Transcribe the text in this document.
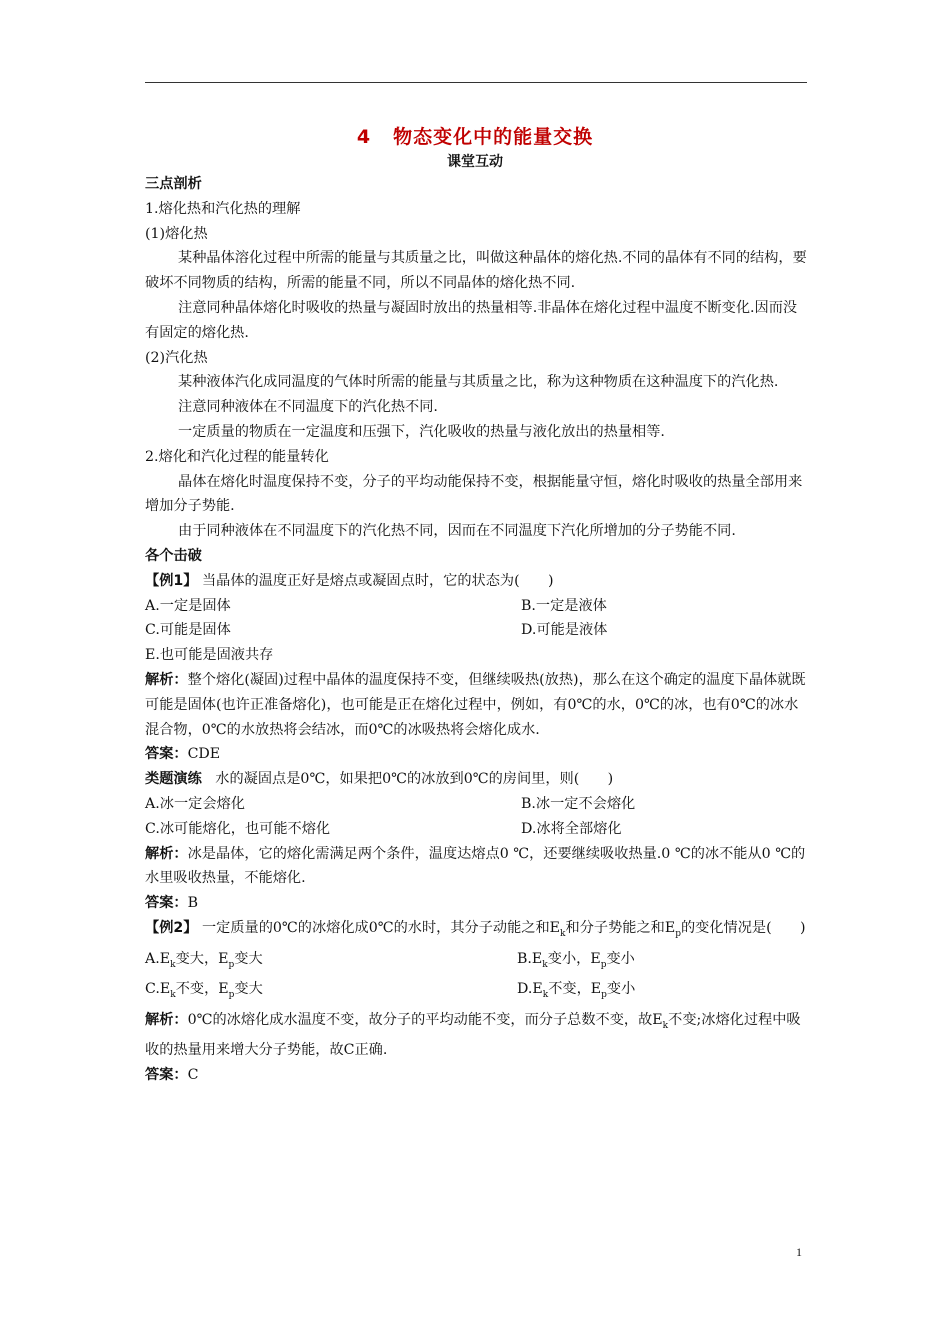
4 物态变化中的能量交换
课堂互动

三点剖析

1.熔化热和汽化热的理解

(1)熔化热

某种晶体溶化过程中所需的能量与其质量之比，叫做这种晶体的熔化热.不同的晶体有不同的结构，要破坏不同物质的结构，所需的能量不同，所以不同晶体的熔化热不同.

注意同种晶体熔化时吸收的热量与凝固时放出的热量相等.非晶体在熔化过程中温度不断变化.因而没有固定的熔化热.

(2)汽化热

某种液体汽化成同温度的气体时所需的能量与其质量之比，称为这种物质在这种温度下的汽化热.

注意同种液体在不同温度下的汽化热不同.

一定质量的物质在一定温度和压强下，汽化吸收的热量与液化放出的热量相等.

2.熔化和汽化过程的能量转化

晶体在熔化时温度保持不变，分子的平均动能保持不变，根据能量守恒，熔化时吸收的热量全部用来增加分子势能.

由于同种液体在不同温度下的汽化热不同，因而在不同温度下汽化所增加的分子势能不同.

各个击破

【例1】 当晶体的温度正好是熔点或凝固点时，它的状态为(　　)

A.一定是固体	B.一定是液体
C.可能是固体	D.可能是液体

E.也可能是固液共存

解析：整个熔化(凝固)过程中晶体的温度保持不变，但继续吸热(放热)，那么在这个确定的温度下晶体就既可能是固体(也许正准备熔化)，也可能是正在熔化过程中，例如，有0℃的水，0℃的冰，也有0℃的冰水混合物，0℃的水放热将会结冰，而0℃的冰吸热将会熔化成水.

答案：CDE

类题演练 水的凝固点是0℃，如果把0℃的冰放到0℃的房间里，则(　　)

A.冰一定会熔化	B.冰一定不会熔化
C.冰可能熔化，也可能不熔化	D.冰将全部熔化

解析：冰是晶体，它的熔化需满足两个条件，温度达熔点0 ℃，还要继续吸收热量.0 ℃的冰不能从0 ℃的水里吸收热量，不能熔化.

答案：B

【例2】 一定质量的0℃的冰熔化成0℃的水时，其分子动能之和$E_k$和分子势能之和$E_p$的变化情况是(　　)

$A.E_k$变大，$E_p$变大	$B.E_k$变小，$E_p$变小
$C.E_k$不变，$E_p$变大	$D.E_k$不变，$E_p$变小

解析：0℃的冰熔化成水温度不变，故分子的平均动能不变，而分子总数不变，故$E_k$不变;冰熔化过程中吸收的热量用来增大分子势能，故C正确.

答案：C

1
